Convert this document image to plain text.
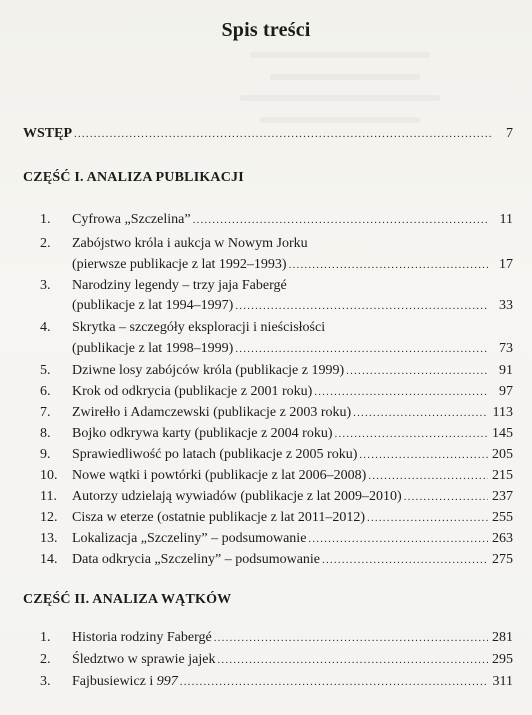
Spis treści
WSTĘP .....	7
CZĘŚĆ I. ANALIZA PUBLIKACJI
1.	Cyfrowa „Szczelina” .....	11
2.	Zabójstwo króla i aukcja w Nowym Jorku
(pierwsze publikacje z lat 1992–1993) .....	17
3.	Narodziny legendy – trzy jaja Fabergé
(publikacje z lat 1994–1997) .....	33
4.	Skrytka – szczegóły eksploracji i nieścisłości
(publikacje z lat 1998–1999) .....	73
5.	Dziwne losy zabójców króla (publikacje z 1999) .....	91
6.	Krok od odkrycia (publikacje z 2001 roku) .....	97
7.	Zwirełło i Adamczewski (publikacje z 2003 roku) .....	113
8.	Bojko odkrywa karty (publikacje z 2004 roku) .....	145
9.	Sprawiedliwość po latach (publikacje z 2005 roku) .....	205
10.	Nowe wątki i powtórki (publikacje z lat 2006–2008) .....	215
11.	Autorzy udzielają wywiadów (publikacje z lat 2009–2010) .....	237
12.	Cisza w eterze (ostatnie publikacje z lat 2011–2012) .....	255
13.	Lokalizacja „Szczeliny” – podsumowanie .....	263
14.	Data odkrycia „Szczeliny” – podsumowanie .....	275
CZĘŚĆ II. ANALIZA WĄTKÓW
1.	Historia rodziny Fabergé .....	281
2.	Śledztwo w sprawie jajek .....	295
3.	Fajbusiewicz i 997 .....	311
